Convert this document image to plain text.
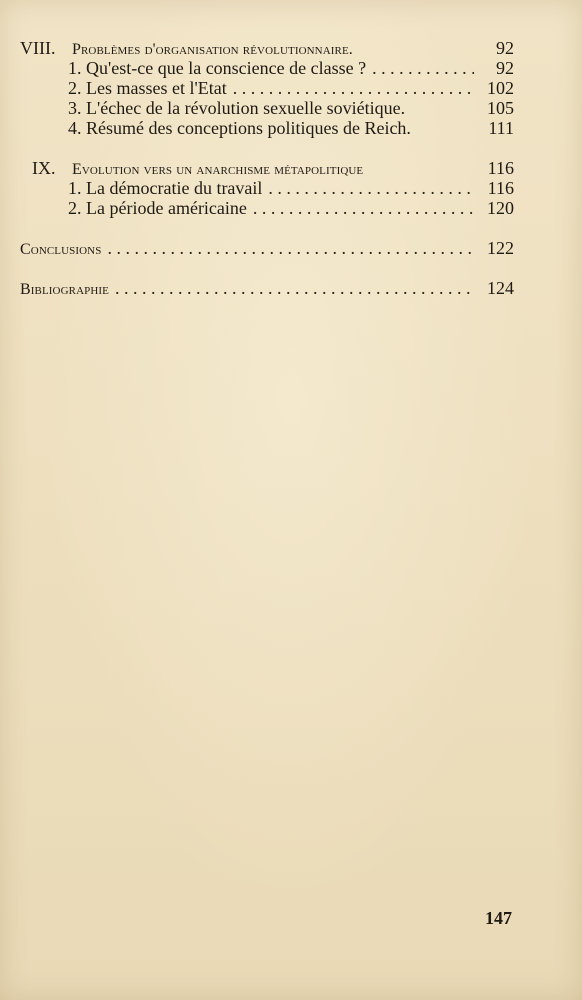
VIII.	Problèmes d'organisation révolutionnaire.	92
1. Qu'est-ce que la conscience de classe ? . . .	92
2. Les masses et l'Etat . . .	102
3. L'échec de la révolution sexuelle soviétique.	105
4. Résumé des conceptions politiques de Reich.	111
IX.	Evolution vers un anarchisme métapolitique	116
1. La démocratie du travail . . .	116
2. La période américaine . . .	120
Conclusions . . .	122
Bibliographie . . .	124
147
